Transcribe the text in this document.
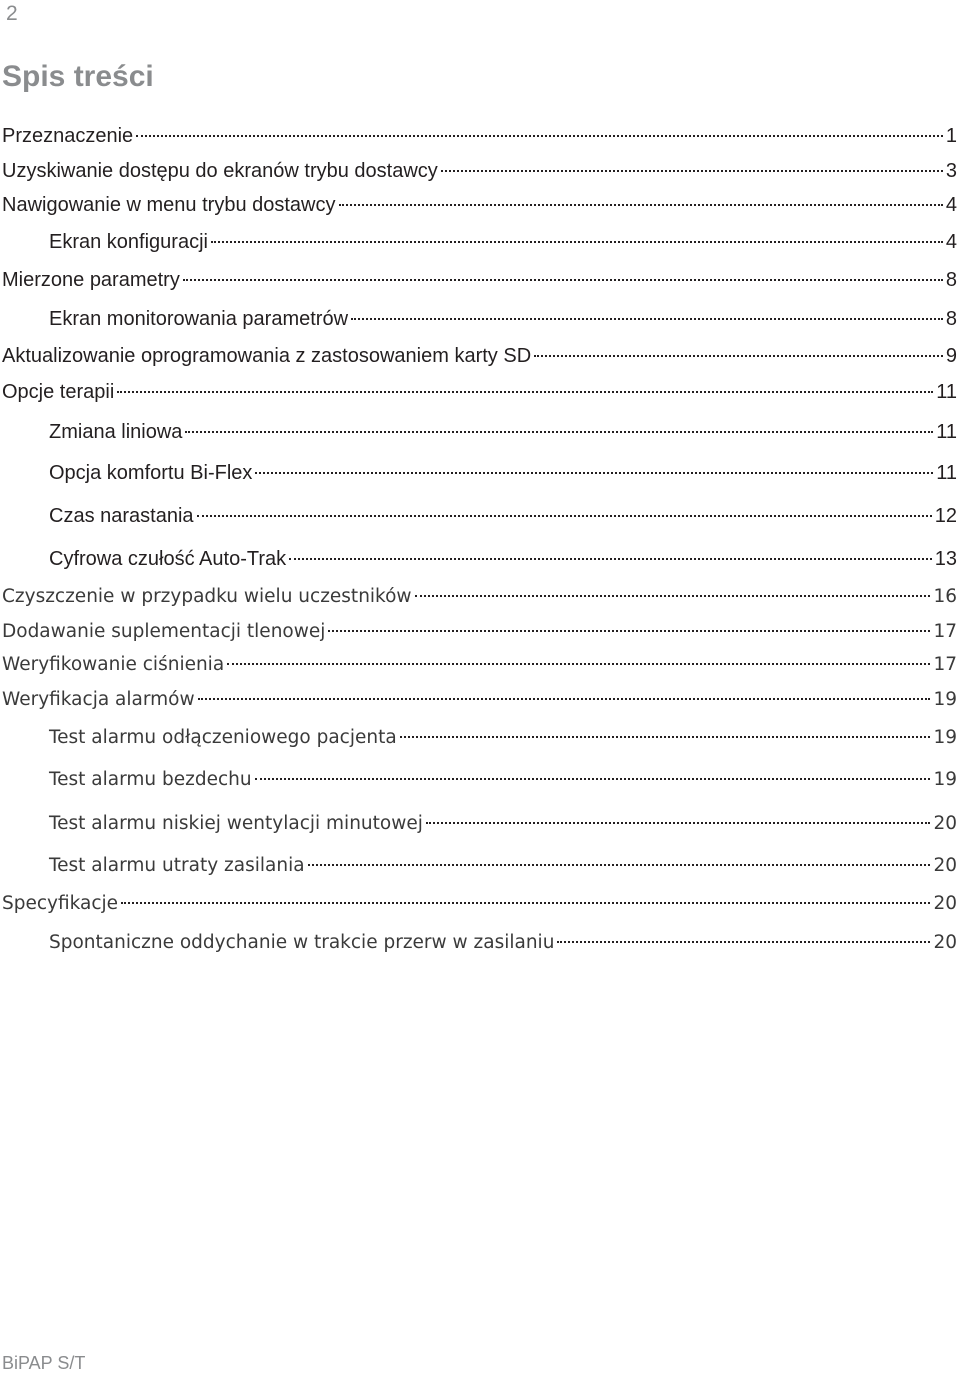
2
Spis treści
Przeznaczenie	1
Uzyskiwanie dostępu do ekranów trybu dostawcy	3
Nawigowanie w menu trybu dostawcy	4
Ekran konfiguracji	4
Mierzone parametry	8
Ekran monitorowania parametrów	8
Aktualizowanie oprogramowania z zastosowaniem karty SD	9
Opcje terapii	11
Zmiana liniowa	11
Opcja komfortu Bi-Flex	11
Czas narastania	12
Cyfrowa czułość Auto-Trak	13
Czyszczenie w przypadku wielu uczestników	16
Dodawanie suplementacji tlenowej	17
Weryfikowanie ciśnienia	17
Weryfikacja alarmów	19
Test alarmu odłączeniowego pacjenta	19
Test alarmu bezdechu	19
Test alarmu niskiej wentylacji minutowej	20
Test alarmu utraty zasilania	20
Specyfikacje	20
Spontaniczne oddychanie w trakcie przerw w zasilaniu	20
BiPAP S/T
